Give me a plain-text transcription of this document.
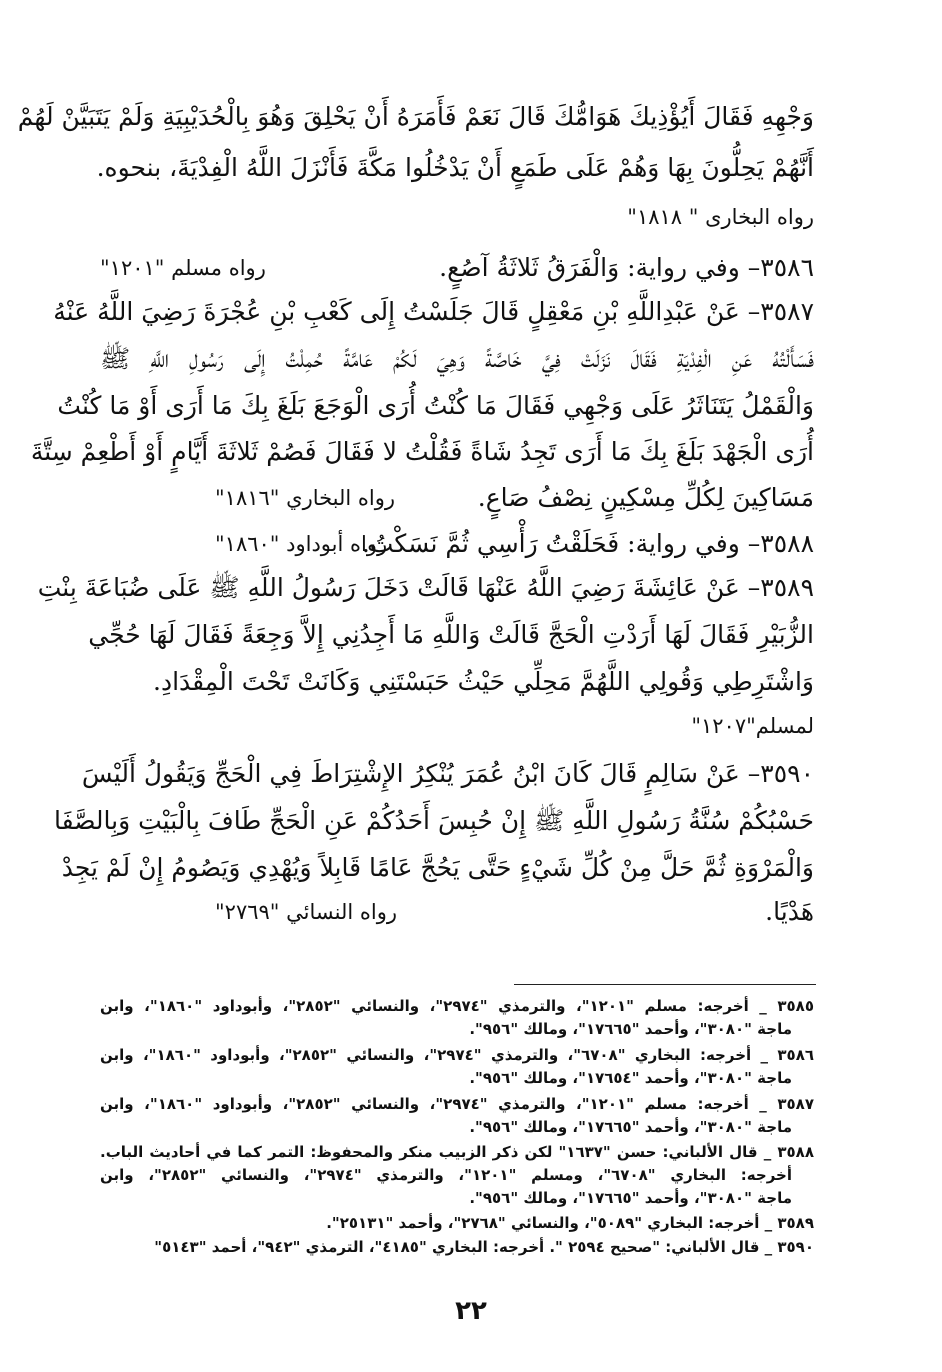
وَجْهِهِ فَقَالَ أَيُؤْذِيكَ هَوَامُّكَ قَالَ نَعَمْ فَأَمَرَهُ أَنْ يَحْلِقَ وَهُوَ بِالْحُدَيْبِيَةِ وَلَمْ يَتَبَيَّنْ لَهُمْ
أَنَّهُمْ يَحِلُّونَ بِهَا وَهُمْ عَلَى طَمَعٍ أَنْ يَدْخُلُوا مَكَّةَ فَأَنْزَلَ اللَّهُ الْفِدْيَةَ، بنحوه.
رواه البخارى " ١٨١٨"
٣٥٨٦– وفي رواية: وَالْفَرَقُ ثَلاثَةُ آصُعٍ.
رواه مسلم "١٢٠١"
٣٥٨٧– عَنْ عَبْدِاللَّهِ بْنِ مَعْقِلٍ قَالَ جَلَسْتُ إِلَى كَعْبِ بْنِ عُجْرَةَ رَضِيَ اللَّهُ عَنْهُ
فَسَأَلْتُهُ عَنِ الْفِدْيَةِ فَقَالَ نَزَلَتْ فِيَّ خَاصَّةً وَهِيَ لَكُمْ عَامَّةً حُمِلْتُ إِلَى رَسُولِ اللَّهِ ﷺ
وَالْقَمْلُ يَتَنَاثَرُ عَلَى وَجْهِي فَقَالَ مَا كُنْتُ أُرَى الْوَجَعَ بَلَغَ بِكَ مَا أَرَى أَوْ مَا كُنْتُ
أُرَى الْجَهْدَ بَلَغَ بِكَ مَا أَرَى تَجِدُ شَاةً فَقُلْتُ لا فَقَالَ فَصُمْ ثَلاثَةَ أَيَّامٍ أَوْ أَطْعِمْ سِتَّةَ
مَسَاكِينَ لِكُلِّ مِسْكِينٍ نِصْفُ صَاعٍ.
رواه البخاري "١٨١٦"
٣٥٨٨– وفي رواية: فَحَلَقْتُ رَأْسِي ثُمَّ نَسَكْتُ.
رواه أبوداود "١٨٦٠"
٣٥٨٩– عَنْ عَائِشَةَ رَضِيَ اللَّهُ عَنْهَا قَالَتْ دَخَلَ رَسُولُ اللَّهِ ﷺ عَلَى ضُبَاعَةَ بِنْتِ
الزُّبَيْرِ فَقَالَ لَهَا أَرَدْتِ الْحَجَّ قَالَتْ وَاللَّهِ مَا أَجِدُنِي إِلاَّ وَجِعَةً فَقَالَ لَهَا حُجِّي
وَاشْتَرِطِي وَقُولِي اللَّهُمَّ مَحِلِّي حَيْثُ حَبَسْتَنِي وَكَانَتْ تَحْتَ الْمِقْدَادِ.
لمسلم"١٢٠٧"
٣٥٩٠– عَنْ سَالِمٍ قَالَ كَانَ ابْنُ عُمَرَ يُنْكِرُ الإِشْتِرَاطَ فِي الْحَجِّ وَيَقُولُ أَلَيْسَ
حَسْبُكُمْ سُنَّةُ رَسُولِ اللَّهِ ﷺ إِنْ حُبِسَ أَحَدُكُمْ عَنِ الْحَجِّ طَافَ بِالْبَيْتِ وَبِالصَّفَا
وَالْمَرْوَةِ ثُمَّ حَلَّ مِنْ كُلِّ شَيْءٍ حَتَّى يَحُجَّ عَامًا قَابِلاً وَيُهْدِي وَيَصُومُ إِنْ لَمْ يَجِدْ
هَدْيًا.
رواه النسائي "٢٧٦٩"
٣٥٨٥ _ أخرجه: مسلم "١٢٠١"، والترمذي "٢٩٧٤"، والنسائي "٢٨٥٢"، وأبوداود "١٨٦٠"، وابن
ماجة "٣٠٨٠"، وأحمد "١٧٦٦٥"، ومالك "٩٥٦".
٣٥٨٦ _ أخرجه: البخاري "٦٧٠٨"، والترمذي "٢٩٧٤"، والنسائي "٢٨٥٢"، وأبوداود "١٨٦٠"، وابن
ماجة "٣٠٨٠"، وأحمد "١٧٦٥٤"، ومالك "٩٥٦".
٣٥٨٧ _ أخرجه: مسلم "١٢٠١"، والترمذي "٢٩٧٤"، والنسائي "٢٨٥٢"، وأبوداود "١٨٦٠"، وابن
ماجة "٣٠٨٠"، وأحمد "١٧٦٦٥"، ومالك "٩٥٦".
٣٥٨٨ _ قال الألباني: حسن "١٦٣٧" لكن ذكر الزبيب منكر والمحفوظ: التمر كما في أحاديث الباب.
أخرجه: البخاري "٦٧٠٨"، ومسلم "١٢٠١"، والترمذي "٢٩٧٤"، والنسائي "٢٨٥٢"، وابن
ماجة "٣٠٨٠"، وأحمد "١٧٦٦٥"، ومالك "٩٥٦".
٣٥٨٩ _ أخرجه: البخاري "٥٠٨٩"، والنسائي "٢٧٦٨"، وأحمد "٢٥١٣١".
٣٥٩٠ _ قال الألباني: "صحيح ٢٥٩٤ ". أخرجه: البخاري "٤١٨٥"، الترمذي "٩٤٢"، أحمد "٥١٤٣"
٢٢
